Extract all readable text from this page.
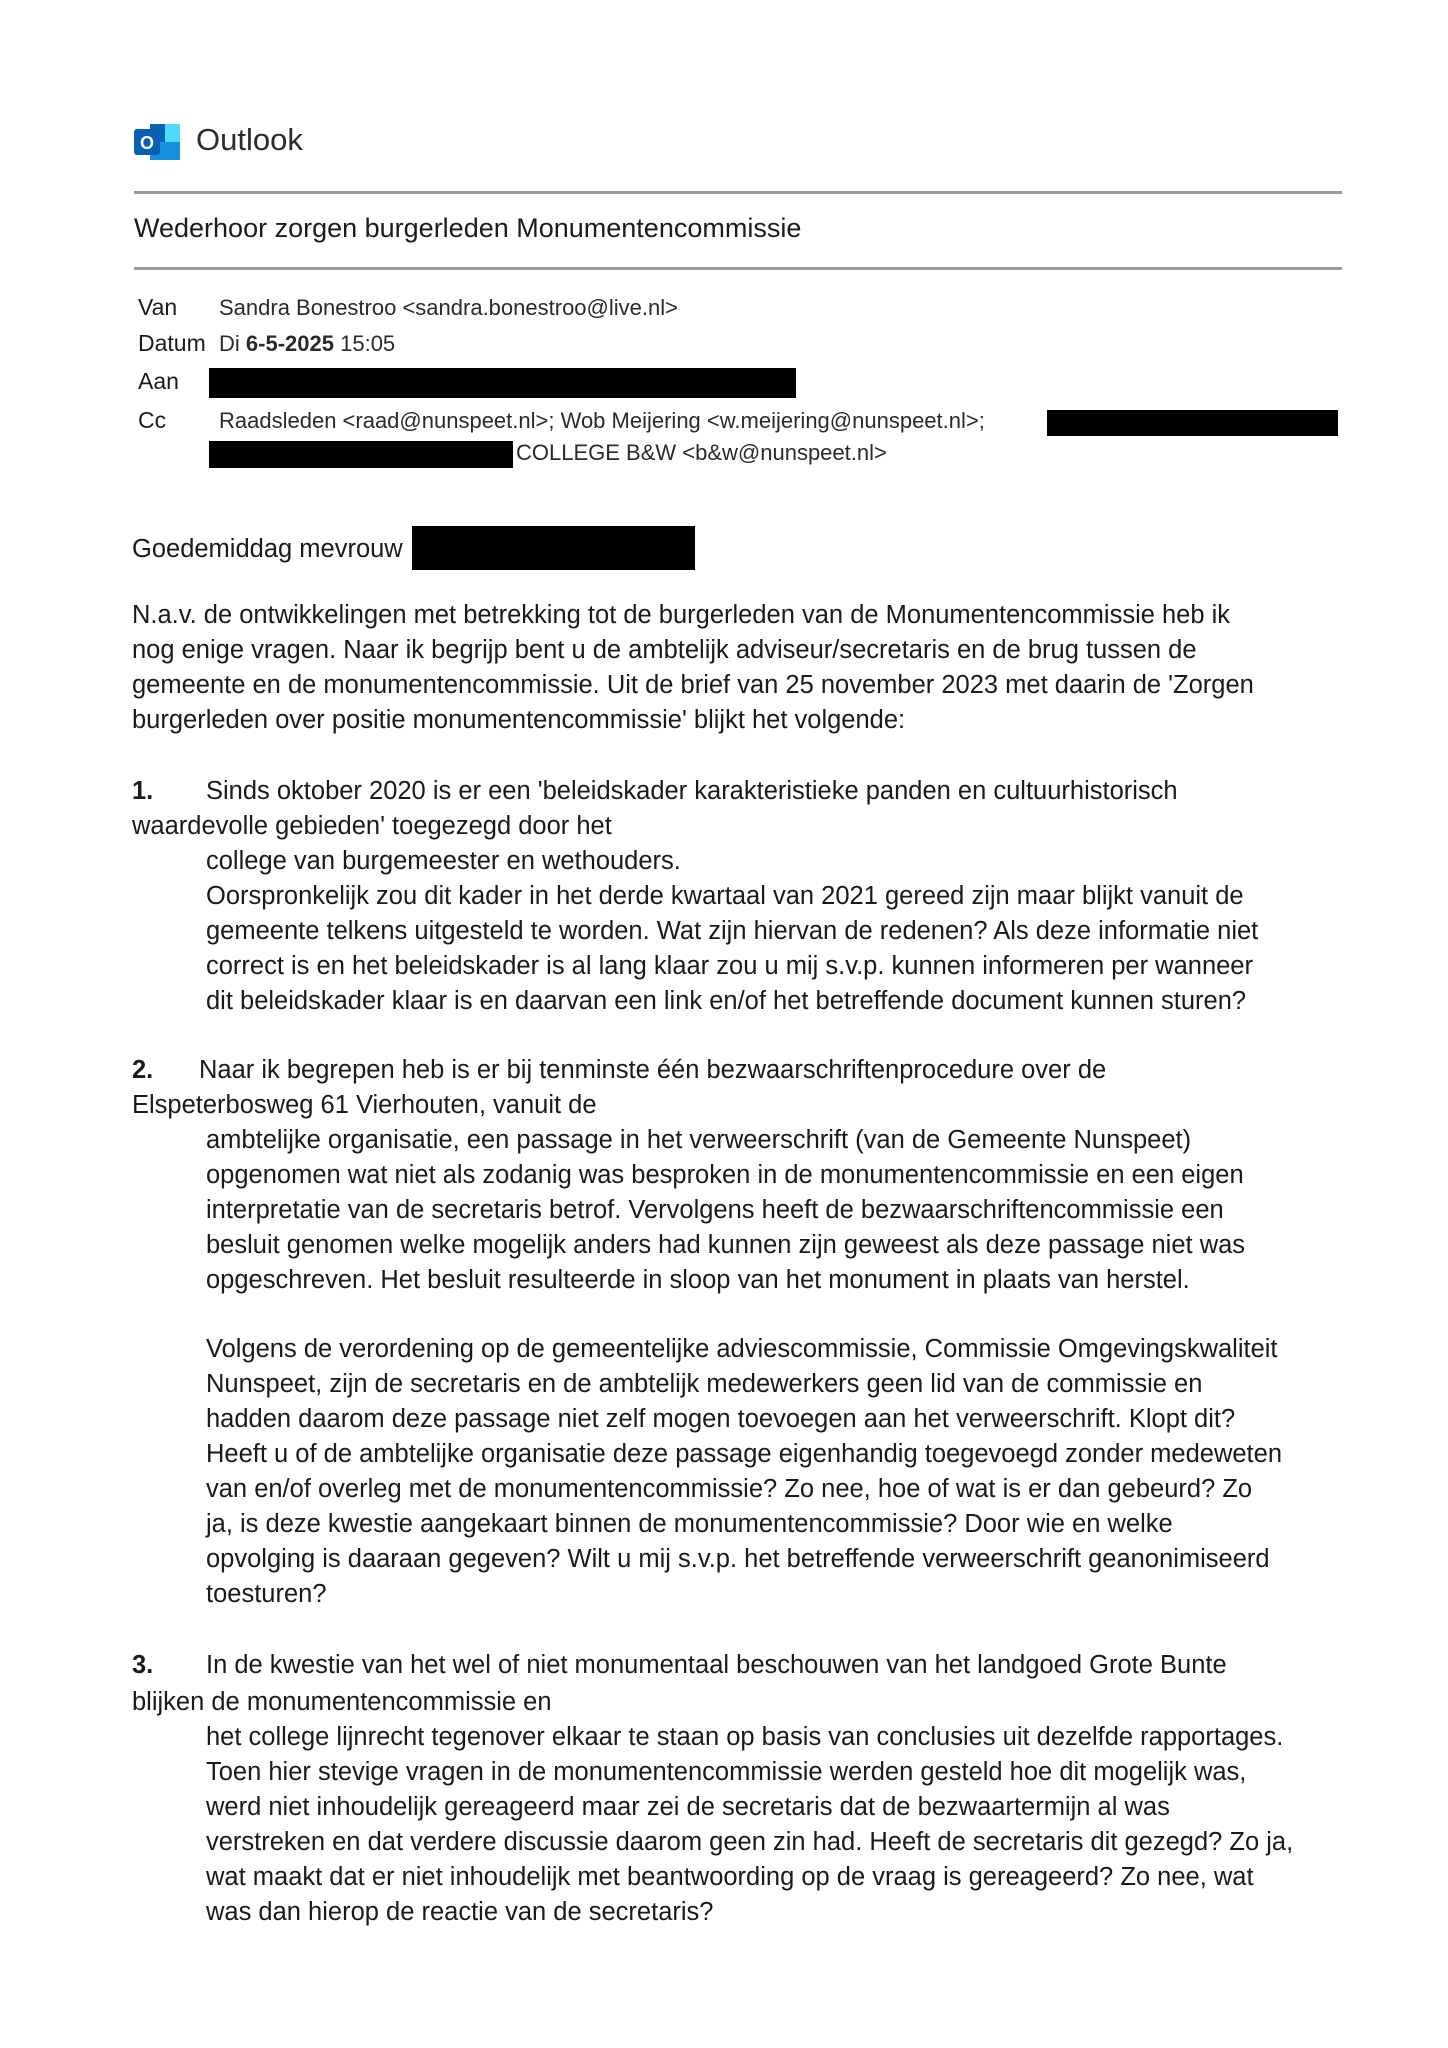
O Outlook
Wederhoor zorgen burgerleden Monumentencommissie
Van Sandra Bonestroo <sandra.bonestroo@live.nl>
Datum Di 6-5-2025 15:05
Aan
Cc Raadsleden <raad@nunspeet.nl>; Wob Meijering <w.meijering@nunspeet.nl>;
COLLEGE B&W <b&w@nunspeet.nl>
Goedemiddag mevrouw
N.a.v. de ontwikkelingen met betrekking tot de burgerleden van de Monumentencommissie heb ik
nog enige vragen. Naar ik begrijp bent u de ambtelijk adviseur/secretaris en de brug tussen de
gemeente en de monumentencommissie. Uit de brief van 25 november 2023 met daarin de 'Zorgen
burgerleden over positie monumentencommissie' blijkt het volgende:
1. Sinds oktober 2020 is er een 'beleidskader karakteristieke panden en cultuurhistorisch
waardevolle gebieden' toegezegd door het
college van burgemeester en wethouders.
Oorspronkelijk zou dit kader in het derde kwartaal van 2021 gereed zijn maar blijkt vanuit de
gemeente telkens uitgesteld te worden. Wat zijn hiervan de redenen? Als deze informatie niet
correct is en het beleidskader is al lang klaar zou u mij s.v.p. kunnen informeren per wanneer
dit beleidskader klaar is en daarvan een link en/of het betreffende document kunnen sturen?
2. Naar ik begrepen heb is er bij tenminste één bezwaarschriftenprocedure over de
Elspeterbosweg 61 Vierhouten, vanuit de
ambtelijke organisatie, een passage in het verweerschrift (van de Gemeente Nunspeet)
opgenomen wat niet als zodanig was besproken in de monumentencommissie en een eigen
interpretatie van de secretaris betrof. Vervolgens heeft de bezwaarschriftencommissie een
besluit genomen welke mogelijk anders had kunnen zijn geweest als deze passage niet was
opgeschreven. Het besluit resulteerde in sloop van het monument in plaats van herstel.
Volgens de verordening op de gemeentelijke adviescommissie, Commissie Omgevingskwaliteit
Nunspeet, zijn de secretaris en de ambtelijk medewerkers geen lid van de commissie en
hadden daarom deze passage niet zelf mogen toevoegen aan het verweerschrift. Klopt dit?
Heeft u of de ambtelijke organisatie deze passage eigenhandig toegevoegd zonder medeweten
van en/of overleg met de monumentencommissie? Zo nee, hoe of wat is er dan gebeurd? Zo
ja, is deze kwestie aangekaart binnen de monumentencommissie? Door wie en welke
opvolging is daaraan gegeven? Wilt u mij s.v.p. het betreffende verweerschrift geanonimiseerd
toesturen?
3. In de kwestie van het wel of niet monumentaal beschouwen van het landgoed Grote Bunte
blijken de monumentencommissie en
het college lijnrecht tegenover elkaar te staan op basis van conclusies uit dezelfde rapportages.
Toen hier stevige vragen in de monumentencommissie werden gesteld hoe dit mogelijk was,
werd niet inhoudelijk gereageerd maar zei de secretaris dat de bezwaartermijn al was
verstreken en dat verdere discussie daarom geen zin had. Heeft de secretaris dit gezegd? Zo ja,
wat maakt dat er niet inhoudelijk met beantwoording op de vraag is gereageerd? Zo nee, wat
was dan hierop de reactie van de secretaris?
